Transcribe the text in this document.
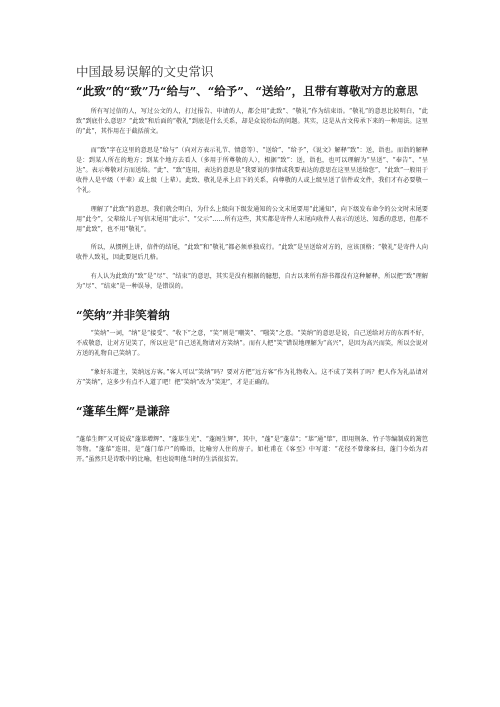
中国最易误解的文史常识
“此致”的“致”乃“给与”、“给予”、“送给”，且带有尊敬对方的意思

所有写过信的人，写过公文的人，打过报告、申请的人，都会用“此致”、“敬礼”作为结束语。“敬礼”的意思比较明白，“此致”到底什么意思？“此致”和后面的“敬礼”到底是什么关系，却是众说纷纭的问题。其实，这是从古文传承下来的一种用法。这里的“此”，其作用在于截括前文。

而“致”字在这里的意思是“给与”（向对方表示礼节、情意等）、“送给”、“给予”，《说文》解释“致”：送，诣也。而诣的解释是：到某人所在的地方；到某个地方去看人（多用于所尊敬的人），根据“致”：送，诣也，也可以理解为“呈送”、“奉告”、“呈达”。表示尊敬对方而送给。“此”、“致”连用，表达的意思是“我要说的事情或我要表达的意思在这里呈送给您”，“此致”一般用于收件人是平级（平辈）或上级（上辈）。此致、敬礼是承上启下的关系，向尊敬的人或上级呈送了信件或文件，我们才有必要敬一个礼。

理解了“此致”的意思，我们就会明白，为什么上级向下级发通知的公文末尾要用“此通知”，向下级发布命令的公文时末尾要用“此令”，父辈给儿子写信末尾用“此示”、“父示”……所有这些，其实都是寄件人末尾向收件人表示的送达、知悉的意思，但都不用“此致”，也不用“敬礼”。

所以，从惯例上讲，信件的结尾，“此致”和“敬礼”都必须单独成行。“此致”是呈送给对方的，应该顶格；“敬礼”是寄件人向收件人致礼，因此要退后几格。

有人认为此致的“致”是“尽”、“结束”的意思，其实是没有根据的臆想，自古以来所有辞书都没有这种解释，所以把“致”理解为“尽”、“结束”是一种误导，是错误的。

“笑纳”并非笑着纳

“笑纳”一词，“纳”是“接受”、“收下”之意，“笑”则是“嘲笑”、“嗤笑”之意。“笑纳”的意思是说，自己送给对方的东西不好，不成敬意，让对方见笑了，所以应是“自己送礼物请对方笑纳”。而有人把“笑”错误地理解为“高兴”，是因为高兴而笑，所以会说对方送的礼物自己笑纳了。

“象好东道主，笑纳远方客。”客人可以“笑纳”吗？要对方把“远方客”作为礼物收入。这不成了笑料了吗？把人作为礼品请对方“笑纳”，这多少有点不人道了吧！把“笑纳”改为“笑迎”，才是正确的。

“蓬荜生辉”是谦辞

“蓬荜生辉”又可说成“蓬荜增辉”、“蓬荜生光”、“蓬阁生辉”，其中，“蓬”是“蓬草”；“荜”通“筚”，即用荆条、竹子等编制成的篱笆等物。“蓬荜”连用，是“蓬门荜户”的略语，比喻穷人住的房子。如杜甫在《客至》中写道：“花径不曾缘客扫，蓬门今始为君开。”虽然只是诗歌中的比喻，但也说明他当时的生活很贫苦。
